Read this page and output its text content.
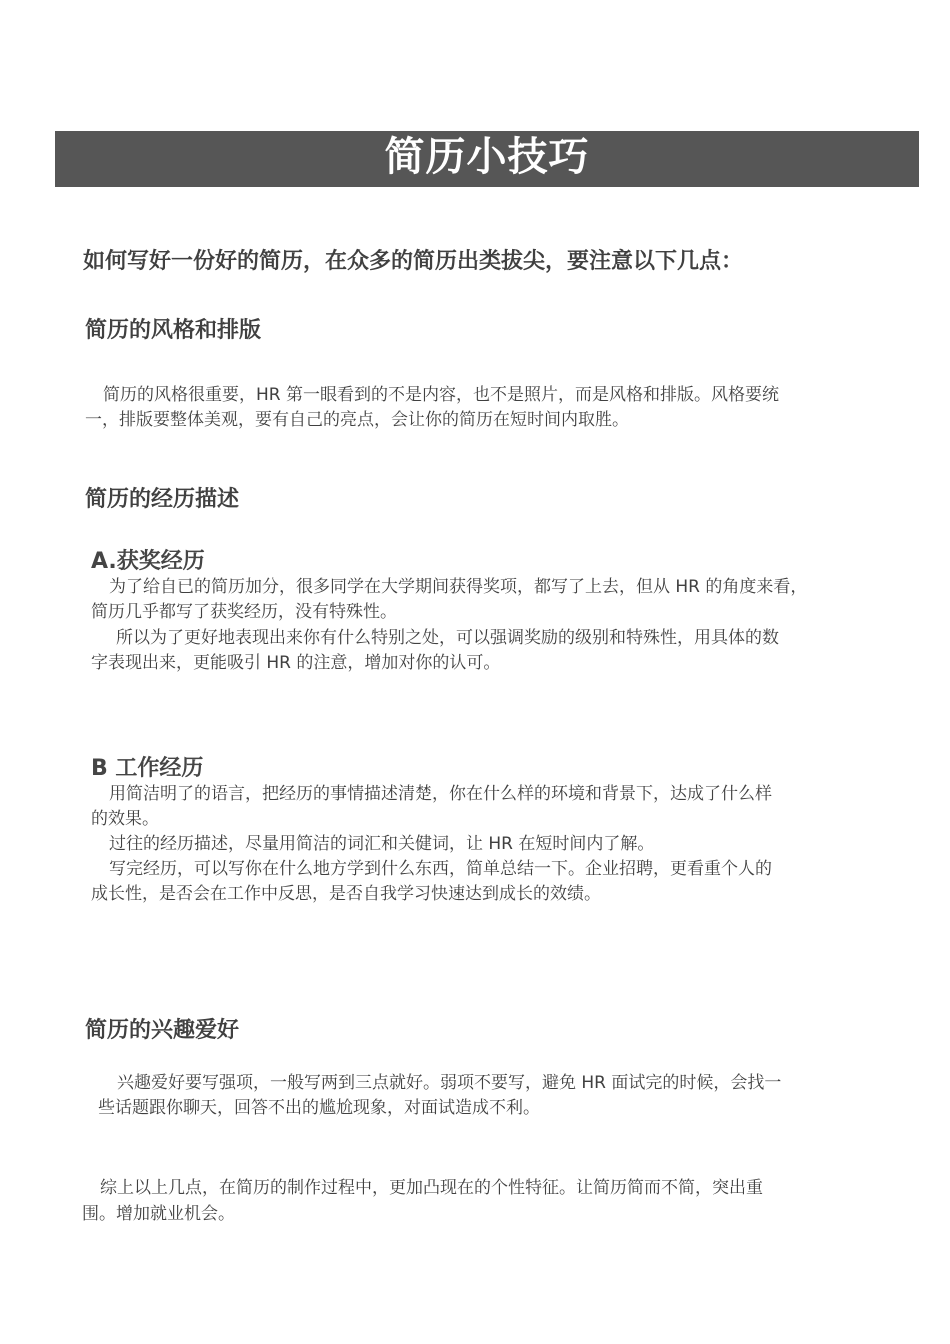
简历小技巧
如何写好一份好的简历，在众多的简历出类拔尖，要注意以下几点：
简历的风格和排版
简历的风格很重要，HR 第一眼看到的不是内容，也不是照片，而是风格和排版。风格要统
一，排版要整体美观，要有自己的亮点，会让你的简历在短时间内取胜。
简历的经历描述
A.获奖经历
为了给自已的简历加分，很多同学在大学期间获得奖项，都写了上去，但从 HR 的角度来看，
简历几乎都写了获奖经历，没有特殊性。
所以为了更好地表现出来你有什么特别之处，可以强调奖励的级别和特殊性，用具体的数
字表现出来，更能吸引 HR 的注意，增加对你的认可。
B 工作经历
用简洁明了的语言，把经历的事情描述清楚，你在什么样的环境和背景下，达成了什么样
的效果。
过往的经历描述，尽量用简洁的词汇和关健词，让 HR 在短时间内了解。
写完经历，可以写你在什么地方学到什么东西，简单总结一下。企业招聘，更看重个人的
成长性，是否会在工作中反思，是否自我学习快速达到成长的效绩。
简历的兴趣爱好
兴趣爱好要写强项，一般写两到三点就好。弱项不要写，避免 HR 面试完的时候，会找一
些话题跟你聊天，回答不出的尴尬现象，对面试造成不利。
综上以上几点，在简历的制作过程中，更加凸现在的个性特征。让简历简而不简，突出重
围。增加就业机会。
